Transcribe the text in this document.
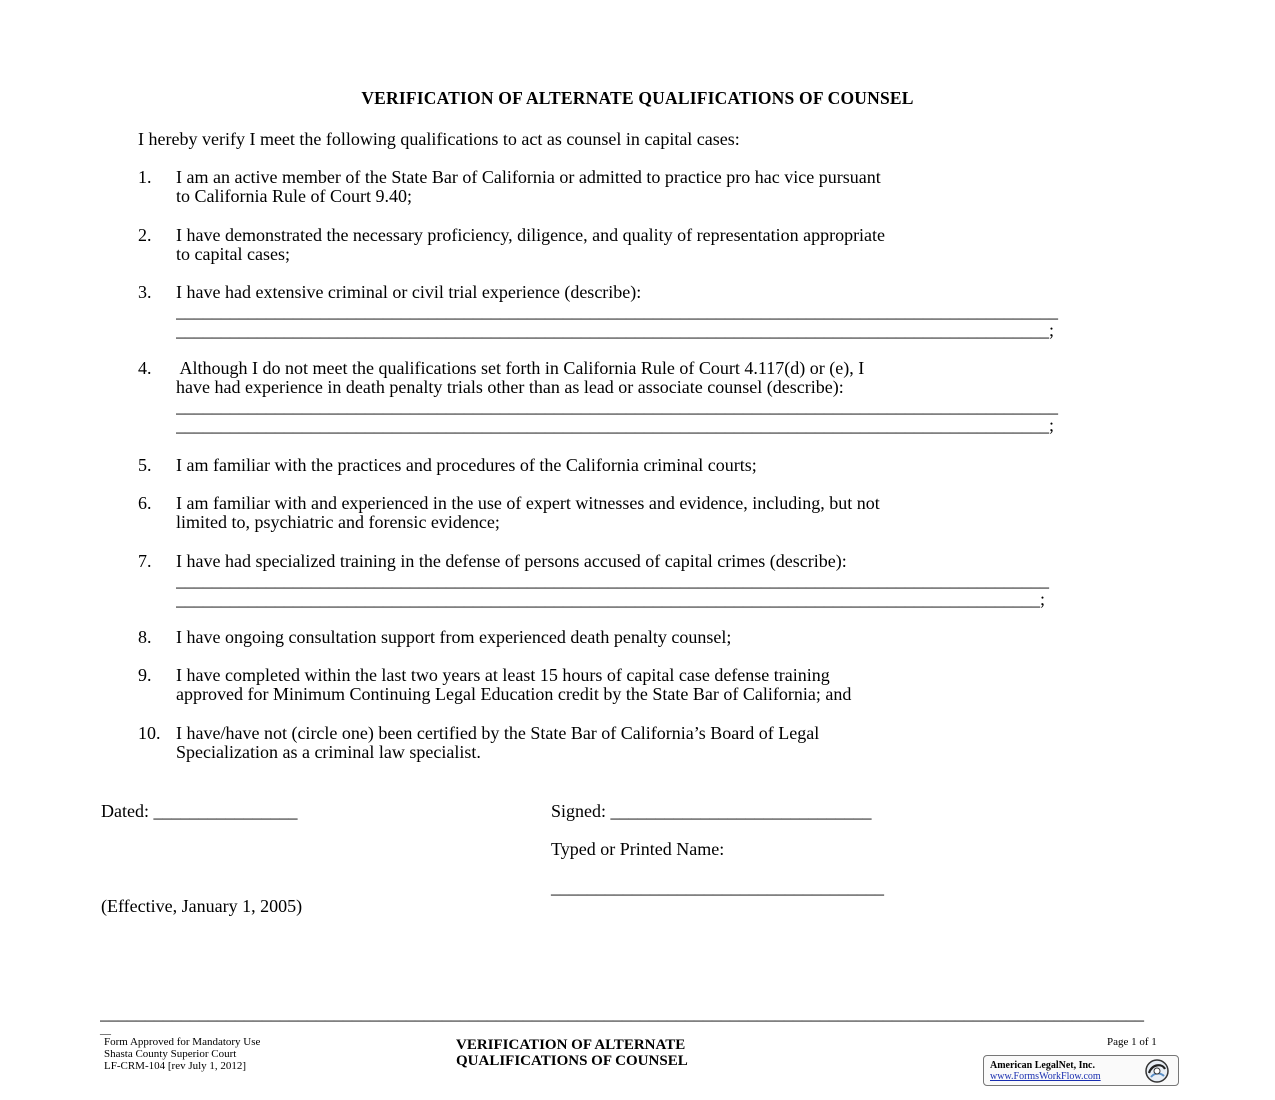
VERIFICATION OF ALTERNATE QUALIFICATIONS OF COUNSEL
I hereby verify I meet the following qualifications to act as counsel in capital cases:
1. I am an active member of the State Bar of California or admitted to practice pro hac vice pursuant
to California Rule of Court 9.40;
2. I have demonstrated the necessary proficiency, diligence, and quality of representation appropriate
to capital cases;
3. I have had extensive criminal or civil trial experience (describe):
__________________________________________________________________________________________________
_________________________________________________________________________________________________;
4. Although I do not meet the qualifications set forth in California Rule of Court 4.117(d) or (e), I
have had experience in death penalty trials other than as lead or associate counsel (describe):
__________________________________________________________________________________________________
_________________________________________________________________________________________________;
5. I am familiar with the practices and procedures of the California criminal courts;
6. I am familiar with and experienced in the use of expert witnesses and evidence, including, but not
limited to, psychiatric and forensic evidence;
7. I have had specialized training in the defense of persons accused of capital crimes (describe):
_________________________________________________________________________________________________
________________________________________________________________________________________________;
8. I have ongoing consultation support from experienced death penalty counsel;
9. I have completed within the last two years at least 15 hours of capital case defense training
approved for Minimum Continuing Legal Education credit by the State Bar of California; and
10. I have/have not (circle one) been certified by the State Bar of California’s Board of Legal
Specialization as a criminal law specialist.
Dated: ________________	Signed: _____________________________
Typed or Printed Name:
_____________________________________
(Effective, January 1, 2005)
____________________________________________________________________________________________________________________
__
Form Approved for Mandatory Use
Shasta County Superior Court
LF-CRM-104 [rev July 1, 2012]
VERIFICATION OF ALTERNATE
QUALIFICATIONS OF COUNSEL
Page 1 of 1
American LegalNet, Inc.
www.FormsWorkFlow.com
